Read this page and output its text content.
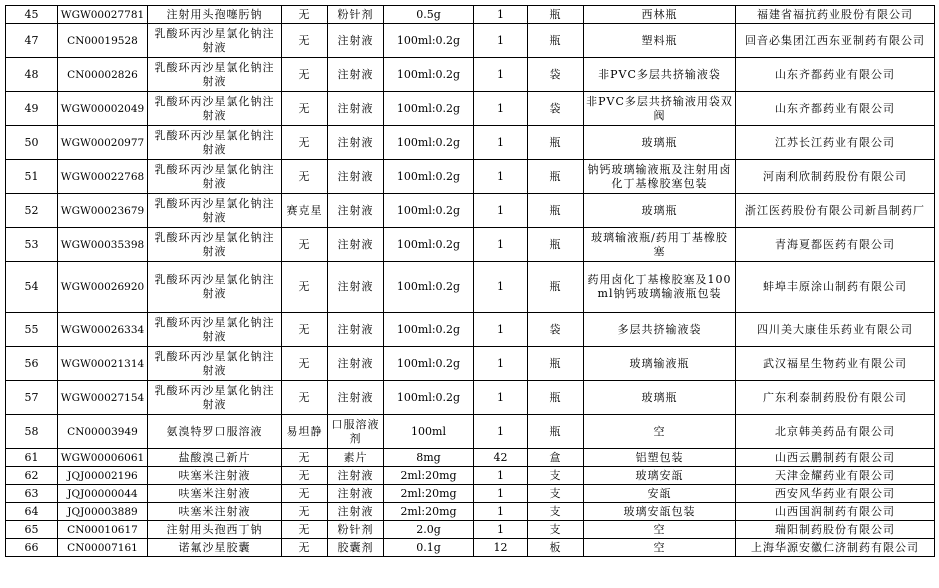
45	WGW00027781	注射用头孢噻肟钠	无	粉针剂	0.5g	1	瓶	西林瓶	福建省福抗药业股份有限公司
47	CN00019528	乳酸环丙沙星氯化钠注射液	无	注射液	100ml:0.2g	1	瓶	塑料瓶	回音必集团江西东亚制药有限公司
48	CN00002826	乳酸环丙沙星氯化钠注射液	无	注射液	100ml:0.2g	1	袋	非PVC多层共挤输液袋	山东齐都药业有限公司
49	WGW00002049	乳酸环丙沙星氯化钠注射液	无	注射液	100ml:0.2g	1	袋	非PVC多层共挤输液用袋双阀	山东齐都药业有限公司
50	WGW00020977	乳酸环丙沙星氯化钠注射液	无	注射液	100ml:0.2g	1	瓶	玻璃瓶	江苏长江药业有限公司
51	WGW00022768	乳酸环丙沙星氯化钠注射液	无	注射液	100ml:0.2g	1	瓶	钠钙玻璃输液瓶及注射用卤化丁基橡胶塞包装	河南利欣制药股份有限公司
52	WGW00023679	乳酸环丙沙星氯化钠注射液	赛克星	注射液	100ml:0.2g	1	瓶	玻璃瓶	浙江医药股份有限公司新昌制药厂
53	WGW00035398	乳酸环丙沙星氯化钠注射液	无	注射液	100ml:0.2g	1	瓶	玻璃输液瓶/药用丁基橡胶塞	青海夏都医药有限公司
54	WGW00026920	乳酸环丙沙星氯化钠注射液	无	注射液	100ml:0.2g	1	瓶	药用卤化丁基橡胶塞及100ml钠钙玻璃输液瓶包装	蚌埠丰原涂山制药有限公司
55	WGW00026334	乳酸环丙沙星氯化钠注射液	无	注射液	100ml:0.2g	1	袋	多层共挤输液袋	四川美大康佳乐药业有限公司
56	WGW00021314	乳酸环丙沙星氯化钠注射液	无	注射液	100ml:0.2g	1	瓶	玻璃输液瓶	武汉福星生物药业有限公司
57	WGW00027154	乳酸环丙沙星氯化钠注射液	无	注射液	100ml:0.2g	1	瓶	玻璃瓶	广东利泰制药股份有限公司
58	CN00003949	氨溴特罗口服溶液	易坦静	口服溶液剂	100ml	1	瓶	空	北京韩美药品有限公司
61	WGW00006061	盐酸溴己新片	无	素片	8mg	42	盒	铝塑包装	山西云鹏制药有限公司
62	JQJ00002196	呋塞米注射液	无	注射液	2ml:20mg	1	支	玻璃安瓿	天津金耀药业有限公司
63	JQJ00000044	呋塞米注射液	无	注射液	2ml:20mg	1	支	安瓿	西安风华药业有限公司
64	JQJ00003889	呋塞米注射液	无	注射液	2ml:20mg	1	支	玻璃安瓿包装	山西国润制药有限公司
65	CN00010617	注射用头孢西丁钠	无	粉针剂	2.0g	1	支	空	瑞阳制药股份有限公司
66	CN00007161	诺氟沙星胶囊	无	胶囊剂	0.1g	12	板	空	上海华源安徽仁济制药有限公司
